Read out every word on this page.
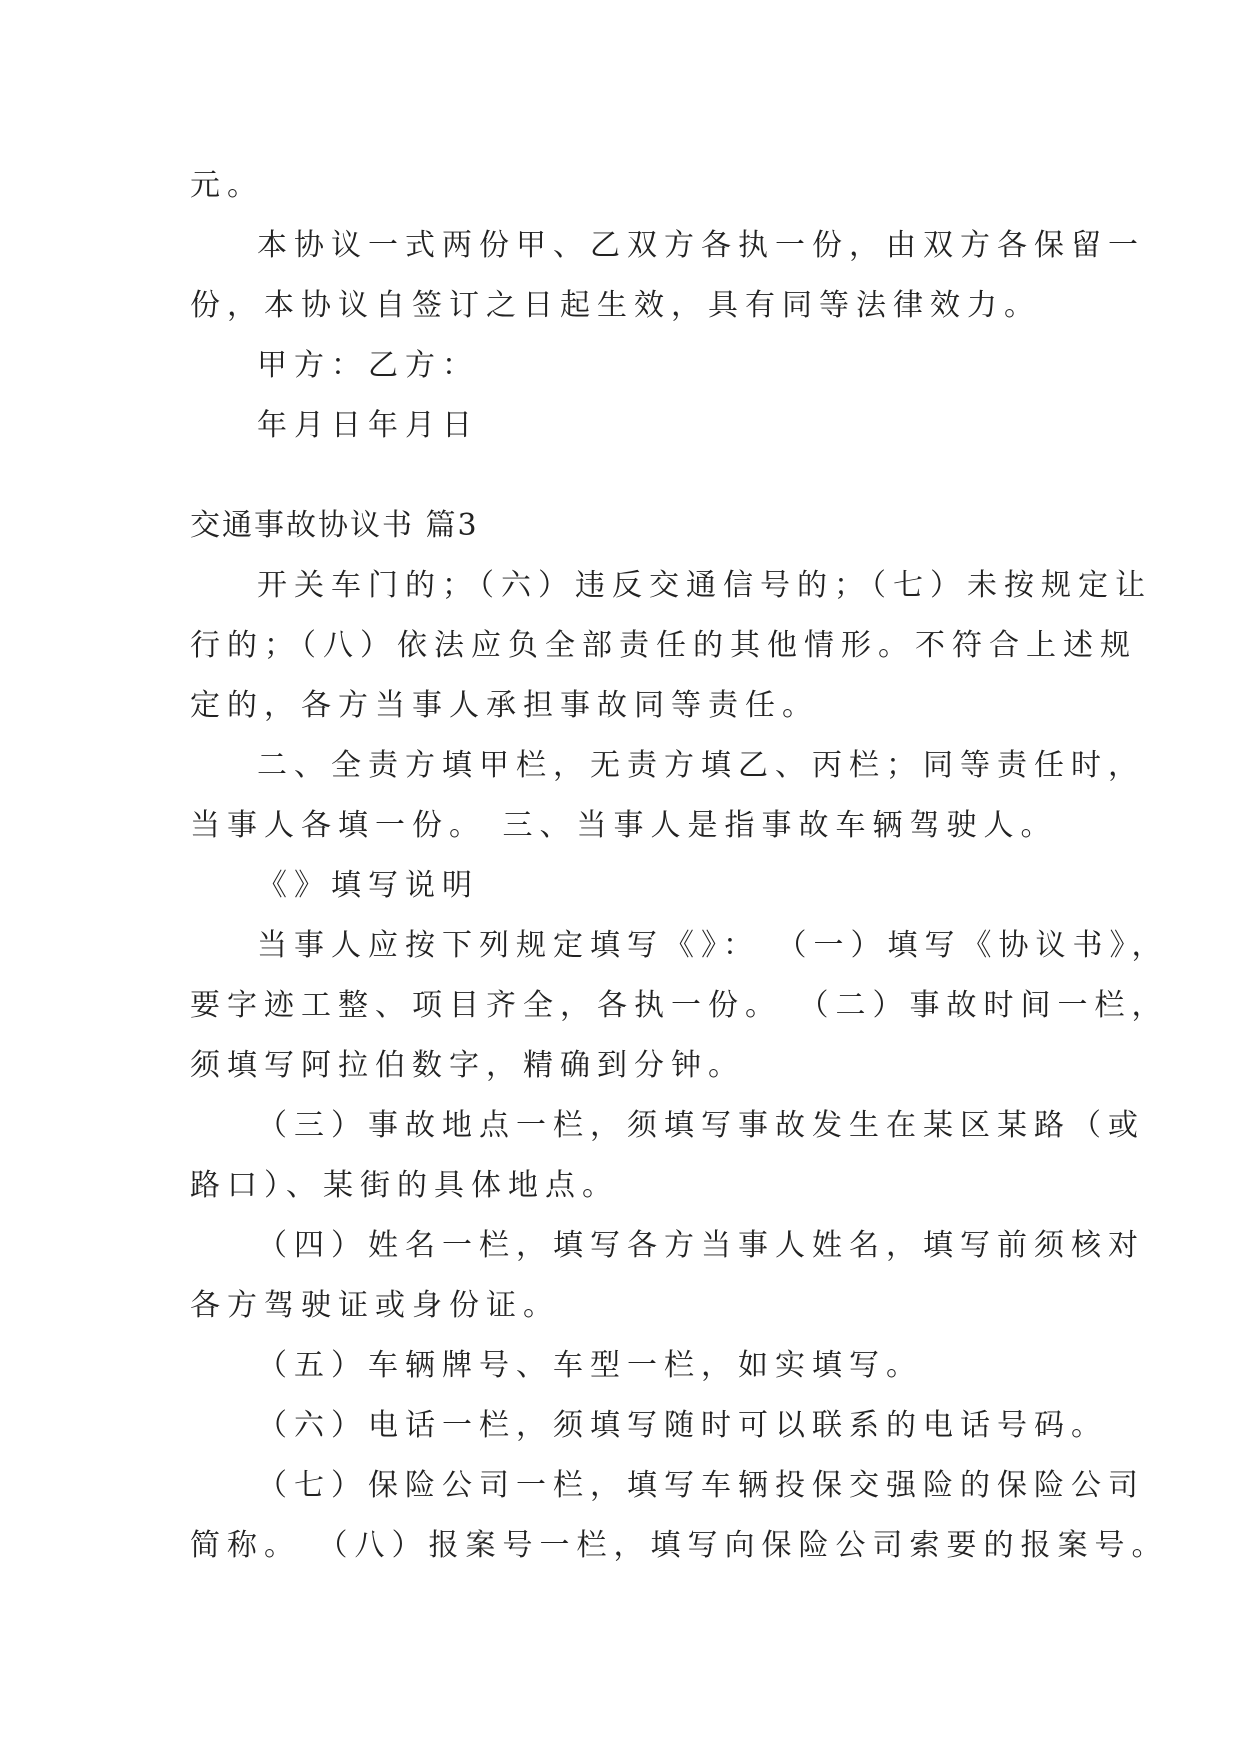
元。
本协议一式两份甲、乙双方各执一份，由双方各保留一
份，本协议自签订之日起生效，具有同等法律效力。
甲方：乙方：
年月日年月日
交通事故协议书 篇3
开关车门的；（六）违反交通信号的；（七）未按规定让
行的；（八）依法应负全部责任的其他情形。不符合上述规
定的，各方当事人承担事故同等责任。
二、全责方填甲栏，无责方填乙、丙栏；同等责任时，
当事人各填一份。 三、当事人是指事故车辆驾驶人。
《》填写说明
当事人应按下列规定填写《》： （一）填写《协议书》，
要字迹工整、项目齐全，各执一份。 （二）事故时间一栏，
须填写阿拉伯数字，精确到分钟。
（三）事故地点一栏，须填写事故发生在某区某路（或
路口）、某街的具体地点。
（四）姓名一栏，填写各方当事人姓名，填写前须核对
各方驾驶证或身份证。
（五）车辆牌号、车型一栏，如实填写。
（六）电话一栏，须填写随时可以联系的电话号码。
（七）保险公司一栏，填写车辆投保交强险的保险公司
简称。 （八）报案号一栏，填写向保险公司索要的报案号。
